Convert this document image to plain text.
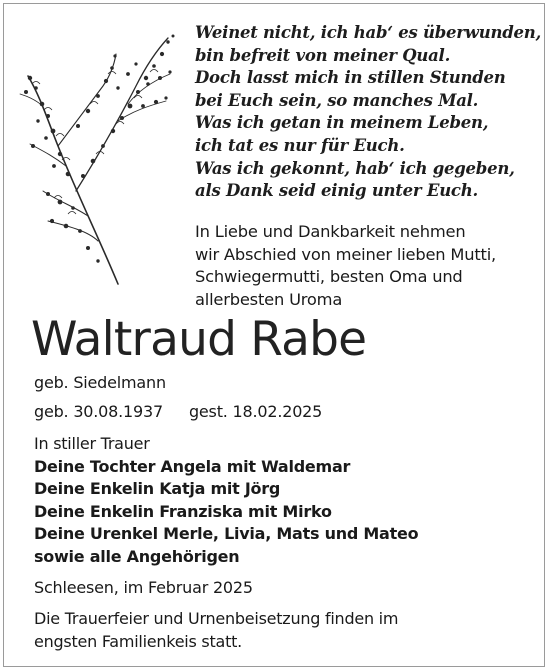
Weinet nicht, ich hab‘ es überwunden,
bin befreit von meiner Qual.
Doch lasst mich in stillen Stunden
bei Euch sein, so manches Mal.
Was ich getan in meinem Leben,
ich tat es nur für Euch.
Was ich gekonnt, hab‘ ich gegeben,
als Dank seid einig unter Euch.
In Liebe und Dankbarkeit nehmen
wir Abschied von meiner lieben Mutti,
Schwiegermutti, besten Oma und
allerbesten Uroma
Waltraud Rabe
geb. Siedelmann
geb. 30.08.1937 gest. 18.02.2025
In stiller Trauer
Deine Tochter Angela mit Waldemar
Deine Enkelin Katja mit Jörg
Deine Enkelin Franziska mit Mirko
Deine Urenkel Merle, Livia, Mats und Mateo
sowie alle Angehörigen
Schleesen, im Februar 2025
Die Trauerfeier und Urnenbeisetzung finden im
engsten Familienkeis statt.
